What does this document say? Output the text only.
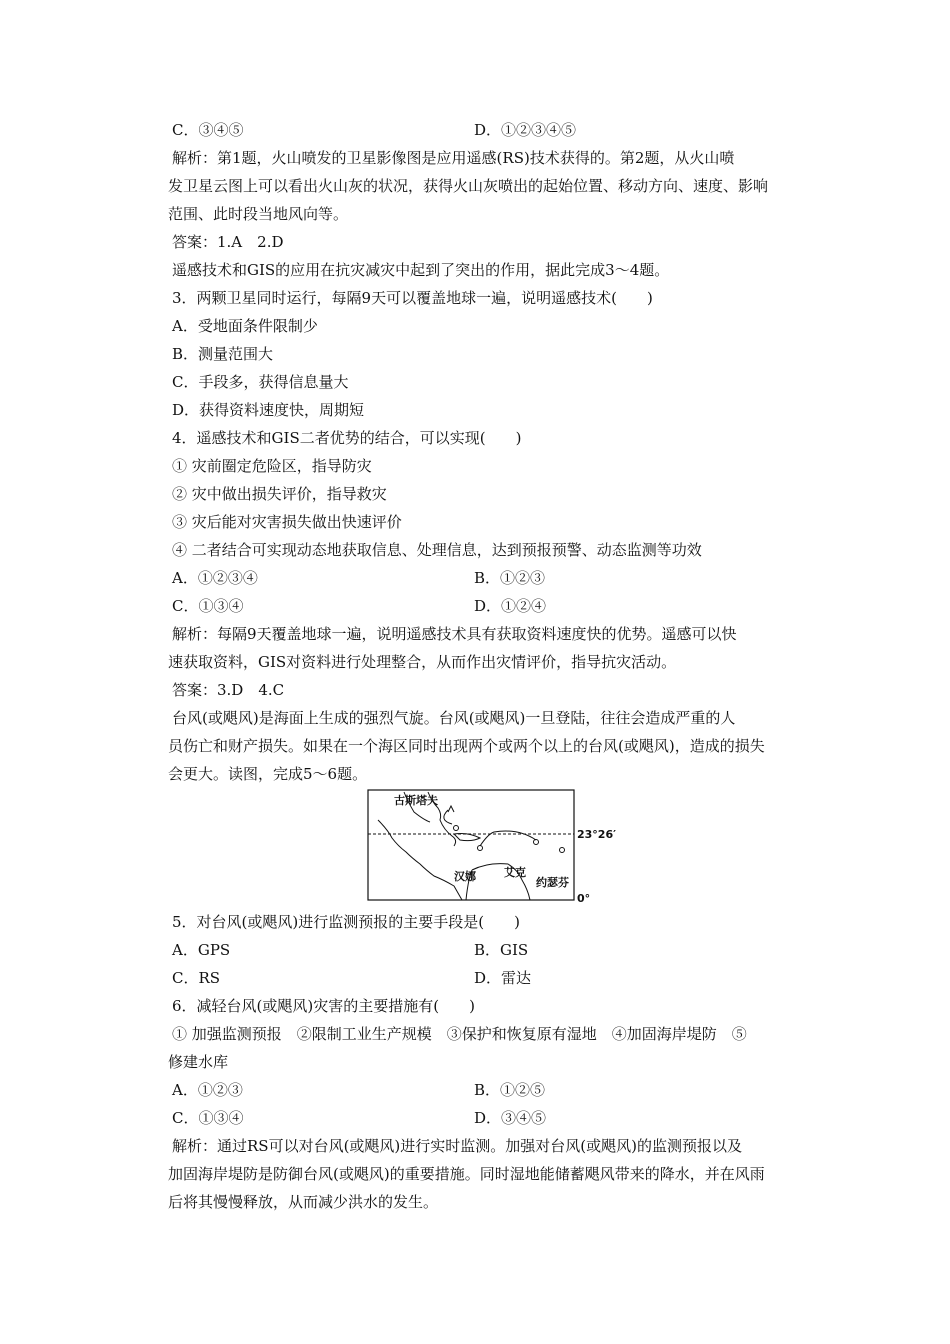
C．③④⑤	D．①②③④⑤
解析：第1题，火山喷发的卫星影像图是应用遥感(RS)技术获得的。第2题，从火山喷
发卫星云图上可以看出火山灰的状况，获得火山灰喷出的起始位置、移动方向、速度、影响
范围、此时段当地风向等。
答案：1.A　2.D
遥感技术和GIS的应用在抗灾减灾中起到了突出的作用，据此完成3～4题。
3．两颗卫星同时运行，每隔9天可以覆盖地球一遍，说明遥感技术(　　)
A．受地面条件限制少
B．测量范围大
C．手段多，获得信息量大
D．获得资料速度快，周期短
4．遥感技术和GIS二者优势的结合，可以实现(　　)
① 灾前圈定危险区，指导防灾
② 灾中做出损失评价，指导救灾
③ 灾后能对灾害损失做出快速评价
④ 二者结合可实现动态地获取信息、处理信息，达到预报预警、动态监测等功效
A．①②③④	B．①②③
C．①③④	D．①②④
解析：每隔9天覆盖地球一遍，说明遥感技术具有获取资料速度快的优势。遥感可以快
速获取资料，GIS对资料进行处理整合，从而作出灾情评价，指导抗灾活动。
答案：3.D　4.C
台风(或飓风)是海面上生成的强烈气旋。台风(或飓风)一旦登陆，往往会造成严重的人
员伤亡和财产损失。如果在一个海区同时出现两个或两个以上的台风(或飓风)，造成的损失
会更大。读图，完成5～6题。
古斯塔夫
汉娜	艾克
约瑟芬
23°26′
0°
5．对台风(或飓风)进行监测预报的主要手段是(　　)
A．GPS	B．GIS
C．RS	D．雷达
6．减轻台风(或飓风)灾害的主要措施有(　　)
① 加强监测预报　②限制工业生产规模　③保护和恢复原有湿地　④加固海岸堤防　⑤
修建水库
A．①②③	B．①②⑤
C．①③④	D．③④⑤
解析：通过RS可以对台风(或飓风)进行实时监测。加强对台风(或飓风)的监测预报以及
加固海岸堤防是防御台风(或飓风)的重要措施。同时湿地能储蓄飓风带来的降水，并在风雨
后将其慢慢释放，从而减少洪水的发生。
